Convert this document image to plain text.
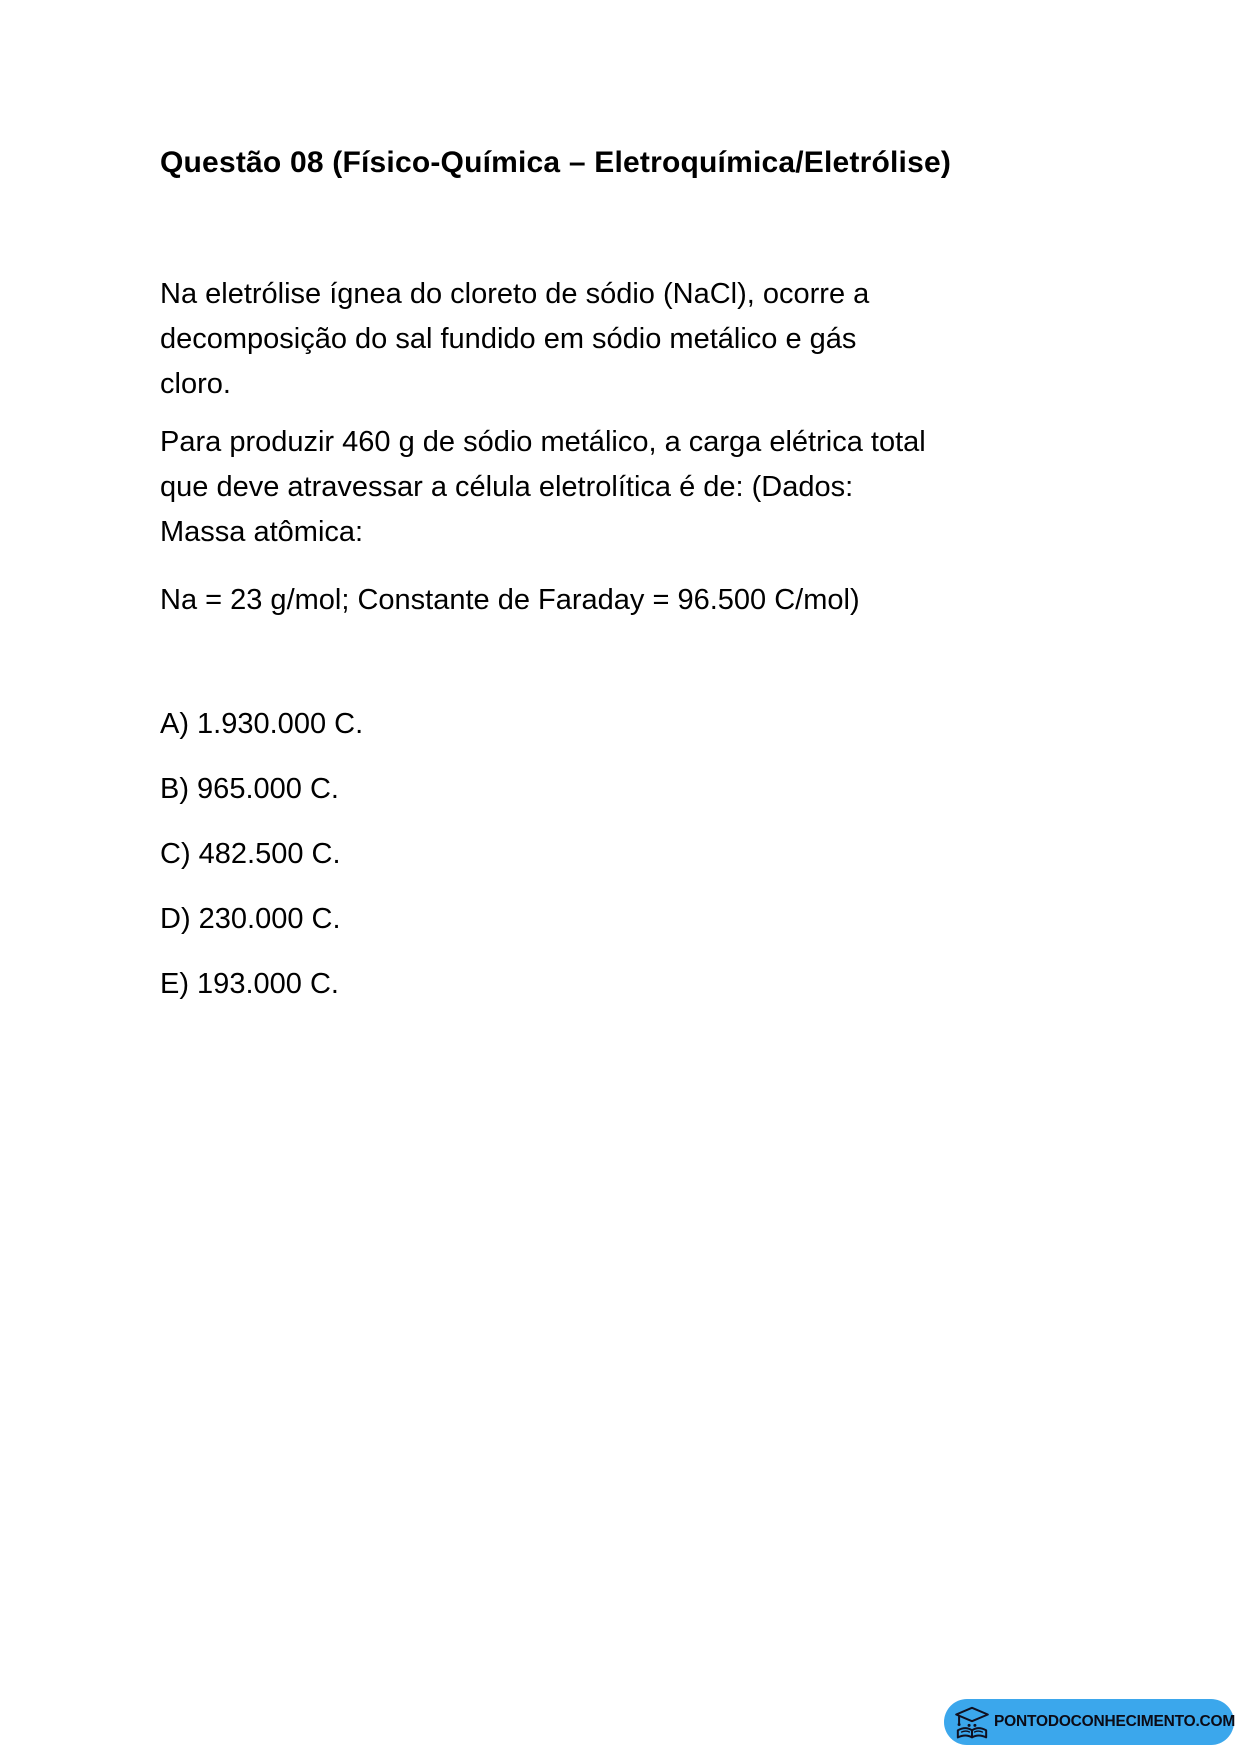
Questão 08 (Físico-Química – Eletroquímica/Eletrólise)

Na eletrólise ígnea do cloreto de sódio (NaCl), ocorre a
decomposição do sal fundido em sódio metálico e gás
cloro.

Para produzir 460 g de sódio metálico, a carga elétrica total
que deve atravessar a célula eletrolítica é de: (Dados:
Massa atômica:

Na = 23 g/mol; Constante de Faraday = 96.500 C/mol)

A) 1.930.000 C.
B) 965.000 C.
C) 482.500 C.
D) 230.000 C.
E) 193.000 C.
PONTODOCONHECIMENTO.COM
